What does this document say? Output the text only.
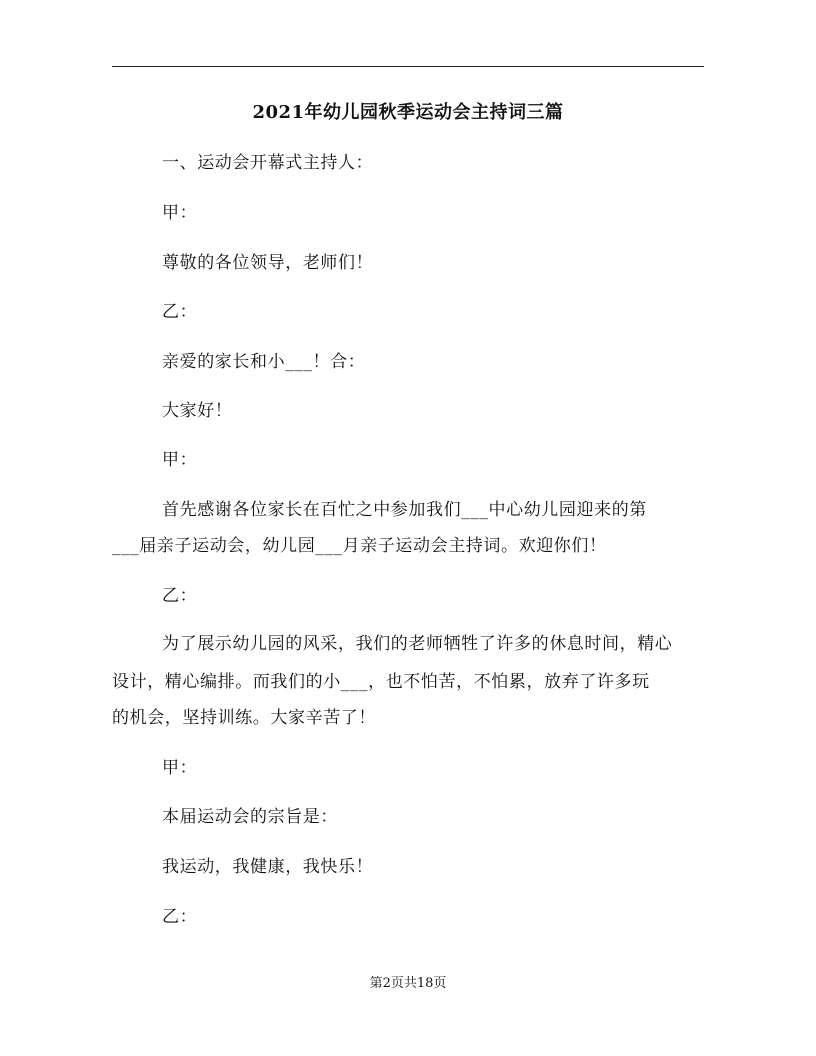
2021年幼儿园秋季运动会主持词三篇
一、运动会开幕式主持人：
甲：
尊敬的各位领导，老师们！
乙：
亲爱的家长和小___！合：
大家好！
甲：
首先感谢各位家长在百忙之中参加我们___中心幼儿园迎来的第
___届亲子运动会，幼儿园___月亲子运动会主持词。欢迎你们！
乙：
为了展示幼儿园的风采，我们的老师牺牲了许多的休息时间，精心
设计，精心编排。而我们的小___，也不怕苦，不怕累，放弃了许多玩
的机会，坚持训练。大家辛苦了！
甲：
本届运动会的宗旨是：
我运动，我健康，我快乐！
乙：
第2页共18页
